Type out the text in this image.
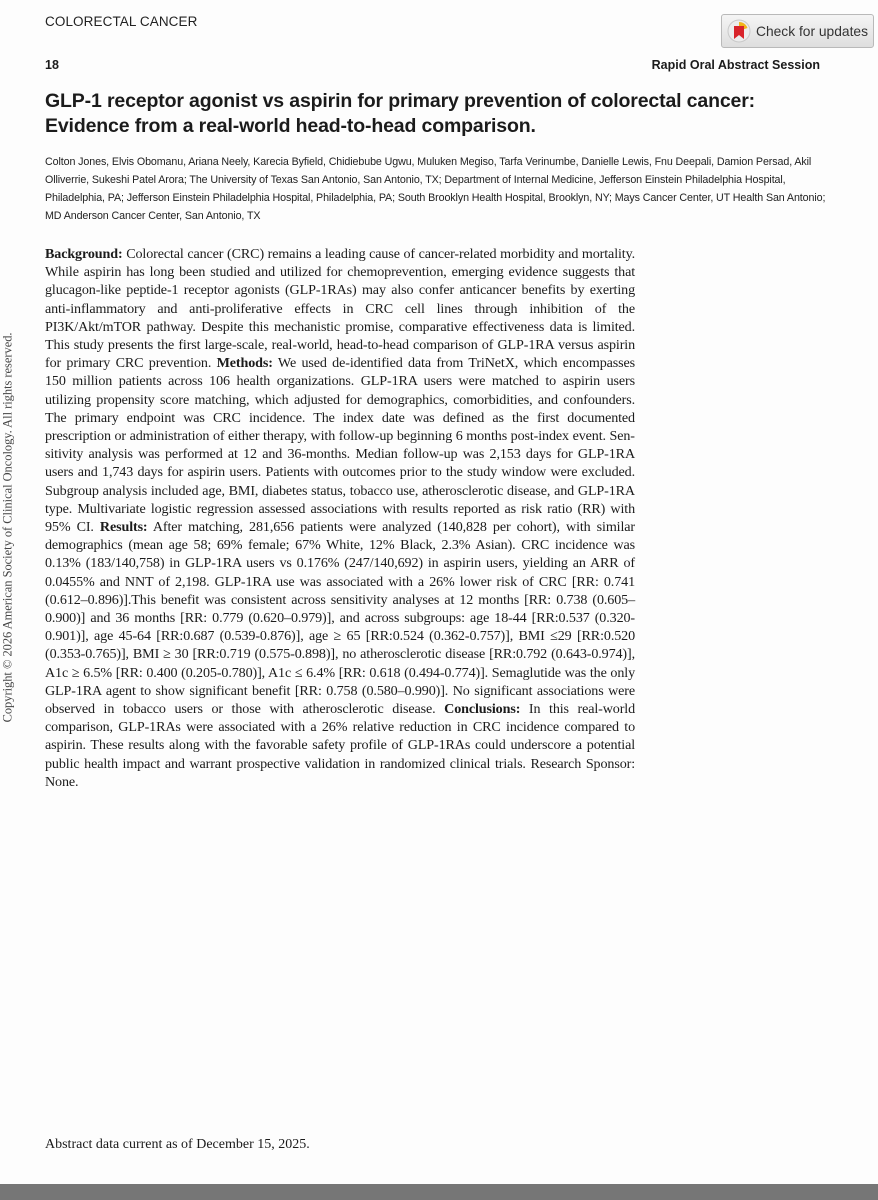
Copyright © 2026 American Society of Clinical Oncology. All rights reserved.
COLORECTAL CANCER
Check for updates
18	Rapid Oral Abstract Session
GLP-1 receptor agonist vs aspirin for primary prevention of colorectal cancer: Evidence from a real-world head-to-head comparison.

Colton Jones, Elvis Obomanu, Ariana Neely, Karecia Byfield, Chidiebube Ugwu, Muluken Megiso, Tarfa Verinumbe, Danielle Lewis, Fnu Deepali, Damion Persad, Akil Olliverrie, Sukeshi Patel Arora; The University of Texas San Antonio, San Antonio, TX; Department of Internal Medicine, Jefferson Einstein Philadelphia Hospital, Philadelphia, PA; Jefferson Einstein Philadelphia Hospital, Philadelphia, PA; South Brooklyn Health Hospital, Brooklyn, NY; Mays Cancer Center, UT Health San Antonio; MD Anderson Cancer Center, San Antonio, TX

Background: Colorectal cancer (CRC) remains a leading cause of cancer-related morbidity and mortality. While aspirin has long been studied and utilized for chemoprevention, emerging evidence suggests that glucagon-like peptide-1 receptor agonists (GLP-1RAs) may also confer anticancer benefits by exerting anti-inflammatory and anti-proliferative effects in CRC cell lines through inhibition of the PI3K/Akt/mTOR pathway. Despite this mechanistic promise, comparative effectiveness data is limited. This study presents the first large-scale, real-world, head-to-head comparison of GLP-1RA versus aspirin for primary CRC prevention. Methods: We used de-identified data from TriNetX, which encompasses 150 million patients across 106 health organizations. GLP-1RA users were matched to aspirin users utilizing propensity score matching, which adjusted for demographics, comorbidities, and confounders. The primary endpoint was CRC incidence. The index date was defined as the first documented prescription or administration of either therapy, with follow-up beginning 6 months post-index event. Sensitivity analysis was performed at 12 and 36-months. Median follow-up was 2,153 days for GLP-1RA users and 1,743 days for aspirin users. Patients with outcomes prior to the study window were excluded. Subgroup analysis included age, BMI, diabetes status, tobacco use, atherosclerotic disease, and GLP-1RA type. Multivariate logistic regression assessed associations with results reported as risk ratio (RR) with 95% CI. Results: After matching, 281,656 patients were analyzed (140,828 per cohort), with similar demographics (mean age 58; 69% female; 67% White, 12% Black, 2.3% Asian). CRC incidence was 0.13% (183/140,758) in GLP-1RA users vs 0.176% (247/140,692) in aspirin users, yielding an ARR of 0.0455% and NNT of 2,198. GLP-1RA use was associated with a 26% lower risk of CRC [RR: 0.741 (0.612–0.896)].This benefit was consistent across sensitivity analyses at 12 months [RR: 0.738 (0.605–0.900)] and 36 months [RR: 0.779 (0.620–0.979)], and across subgroups: age 18-44 [RR:0.537 (0.320-0.901)], age 45-64 [RR:0.687 (0.539-0.876)], age ≥ 65 [RR:0.524 (0.362-0.757)], BMI ≤29 [RR:0.520 (0.353-0.765)], BMI ≥ 30 [RR:0.719 (0.575-0.898)], no atherosclerotic disease [RR:0.792 (0.643-0.974)], A1c ≥ 6.5% [RR: 0.400 (0.205-0.780)], A1c ≤ 6.4% [RR: 0.618 (0.494-0.774)]. Semaglutide was the only GLP-1RA agent to show significant benefit [RR: 0.758 (0.580–0.990)]. No significant associations were observed in tobacco users or those with atherosclerotic disease. Conclusions: In this real-world comparison, GLP-1RAs were associated with a 26% relative reduction in CRC incidence compared to aspirin. These results along with the favorable safety profile of GLP-1RAs could underscore a potential public health impact and warrant prospective validation in randomized clinical trials. Research Sponsor: None.

Abstract data current as of December 15, 2025.
